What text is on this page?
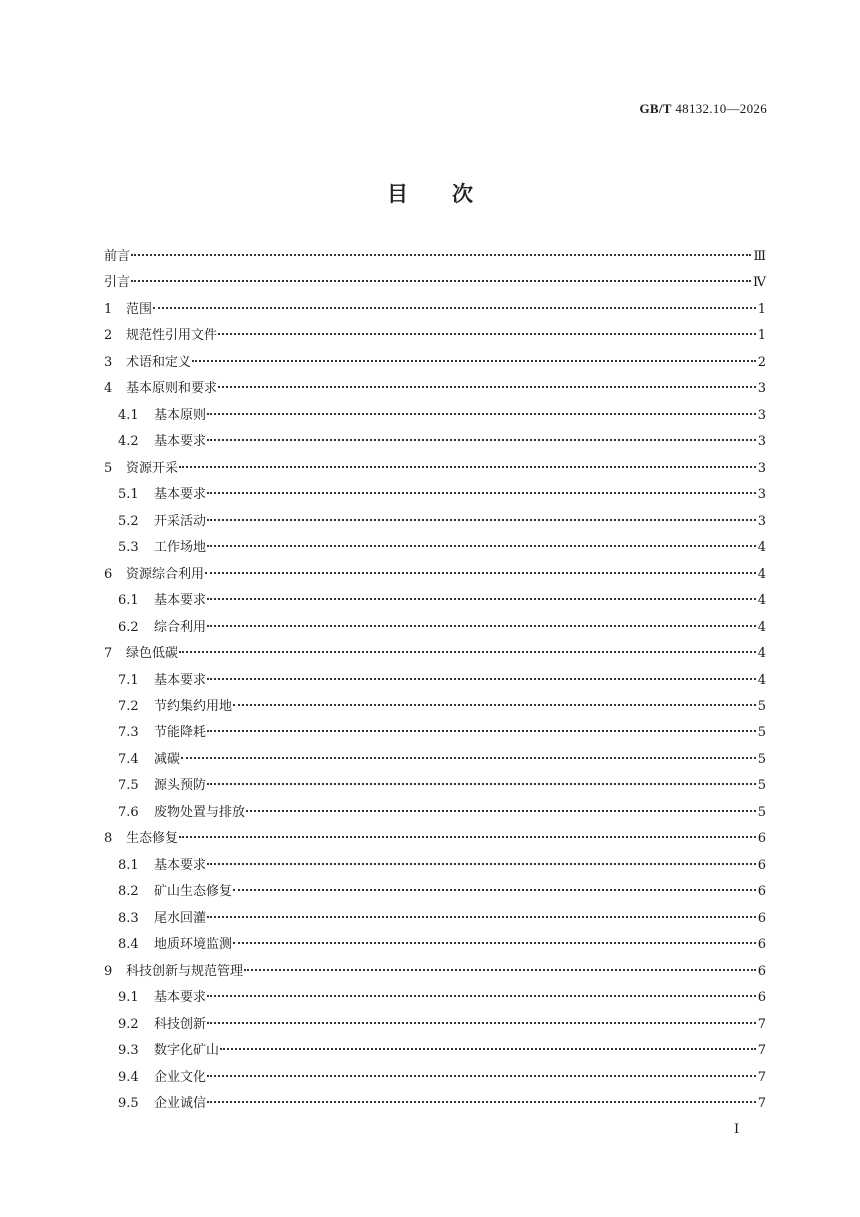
GB/T 48132.10—2026
目次
前言	Ⅲ
引言	Ⅳ
1	范围	1
2	规范性引用文件	1
3	术语和定义	2
4	基本原则和要求	3
4.1	基本原则	3
4.2	基本要求	3
5	资源开采	3
5.1	基本要求	3
5.2	开采活动	3
5.3	工作场地	4
6	资源综合利用	4
6.1	基本要求	4
6.2	综合利用	4
7	绿色低碳	4
7.1	基本要求	4
7.2	节约集约用地	5
7.3	节能降耗	5
7.4	减碳	5
7.5	源头预防	5
7.6	废物处置与排放	5
8	生态修复	6
8.1	基本要求	6
8.2	矿山生态修复	6
8.3	尾水回灌	6
8.4	地质环境监测	6
9	科技创新与规范管理	6
9.1	基本要求	6
9.2	科技创新	7
9.3	数字化矿山	7
9.4	企业文化	7
9.5	企业诚信	7
Ⅰ
